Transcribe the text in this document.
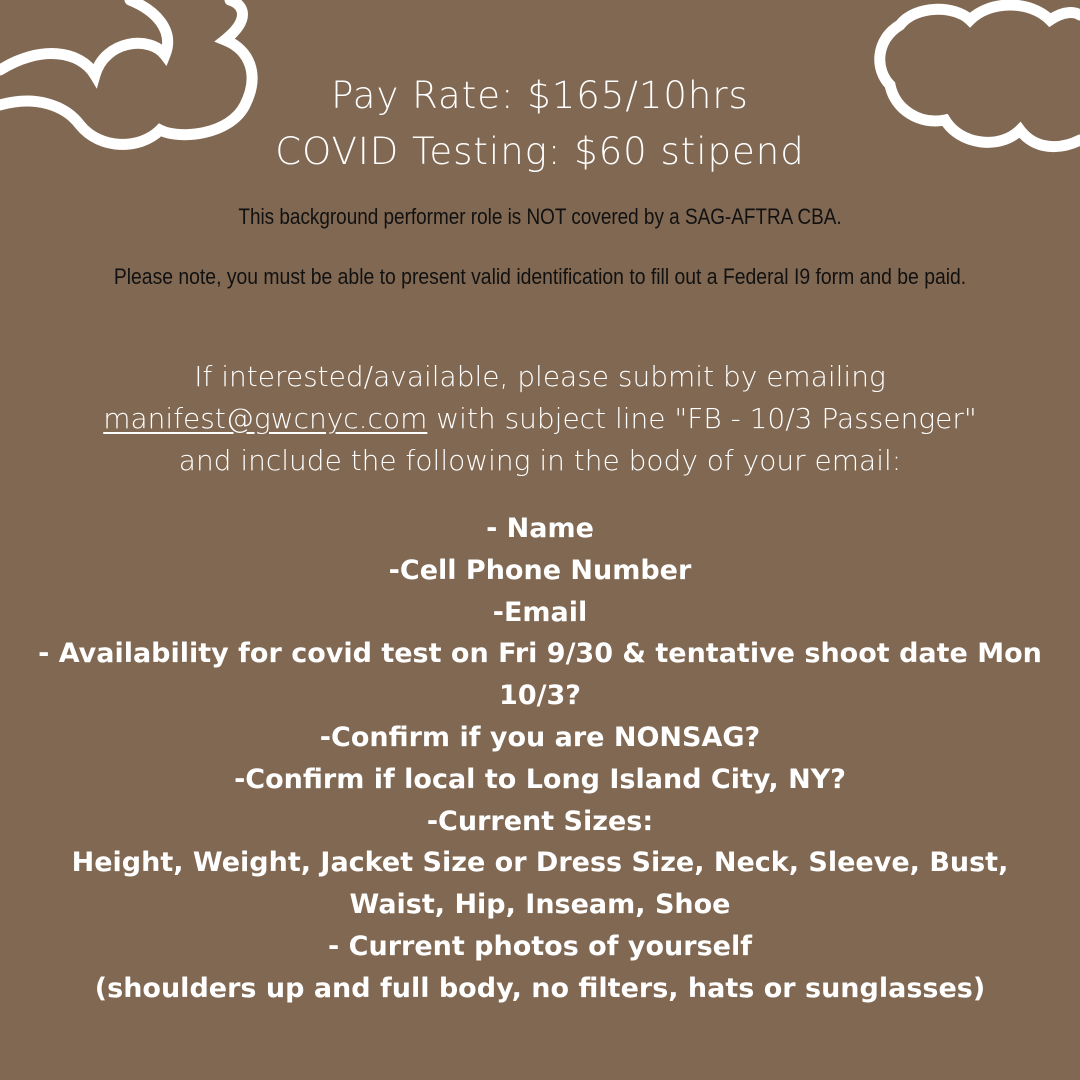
Pay Rate: $165/10hrs
COVID Testing: $60 stipend
This background performer role is NOT covered by a SAG-AFTRA CBA.
Please note, you must be able to present valid identification to fill out a Federal I9 form and be paid.
If interested/available, please submit by emailing
manifest@gwcnyc.com with subject line "FB - 10/3 Passenger"
and include the following in the body of your email:
- Name
-Cell Phone Number
-Email
- Availability for covid test on Fri 9/30 & tentative shoot date Mon 10/3?
-Confirm if you are NONSAG?
-Confirm if local to Long Island City, NY?
-Current Sizes:
Height, Weight, Jacket Size or Dress Size, Neck, Sleeve, Bust, Waist, Hip, Inseam, Shoe
- Current photos of yourself
(shoulders up and full body, no filters, hats or sunglasses)
